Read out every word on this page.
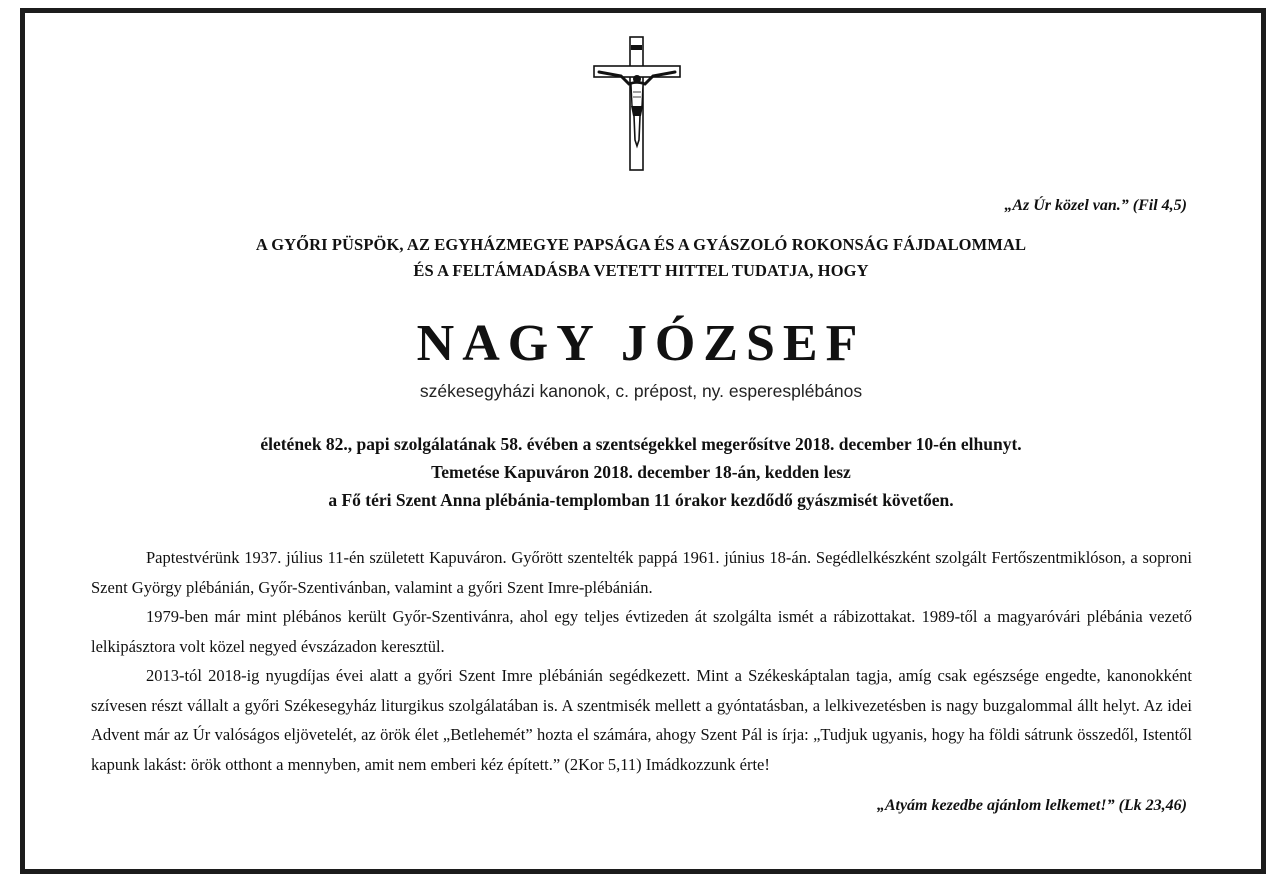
„Az Úr közel van.” (Fil 4,5)
A GYŐRI PÜSPÖK, AZ EGYHÁZMEGYE PAPSÁGA ÉS A GYÁSZOLÓ ROKONSÁG FÁJDALOMMAL
ÉS A FELTÁMADÁSBA VETETT HITTEL TUDATJA, HOGY
NAGY JÓZSEF
székesegyházi kanonok, c. prépost, ny. esperesplébános
életének 82., papi szolgálatának 58. évében a szentségekkel megerősítve 2018. december 10-én elhunyt.
Temetése Kapuváron 2018. december 18-án, kedden lesz
a Fő téri Szent Anna plébánia-templomban 11 órakor kezdődő gyászmisét követően.

Paptestvérünk 1937. július 11-én született Kapuváron. Győrött szentelték pappá 1961. június 18-án. Segédlelkészként szolgált Fertőszentmiklóson, a soproni Szent György plébánián, Győr-Szentivánban, valamint a győri Szent Imre-plébánián.

1979-ben már mint plébános került Győr-Szentivánra, ahol egy teljes évtizeden át szolgálta ismét a rábizottakat. 1989-től a magyaróvári plébánia vezető lelkipásztora volt közel negyed évszázadon keresztül.

2013-tól 2018-ig nyugdíjas évei alatt a győri Szent Imre plébánián segédkezett. Mint a Székeskáptalan tagja, amíg csak egészsége engedte, kanonokként szívesen részt vállalt a győri Székesegyház liturgikus szolgálatában is. A szentmisék mellett a gyóntatásban, a lelkivezetésben is nagy buzgalommal állt helyt. Az idei Advent már az Úr valóságos eljövetelét, az örök élet „Betlehemét” hozta el számára, ahogy Szent Pál is írja: „Tudjuk ugyanis, hogy ha földi sátrunk összedől, Istentől kapunk lakást: örök otthont a mennyben, amit nem emberi kéz épített.” (2Kor 5,11) Imádkozzunk érte!

„Atyám kezedbe ajánlom lelkemet!” (Lk 23,46)
